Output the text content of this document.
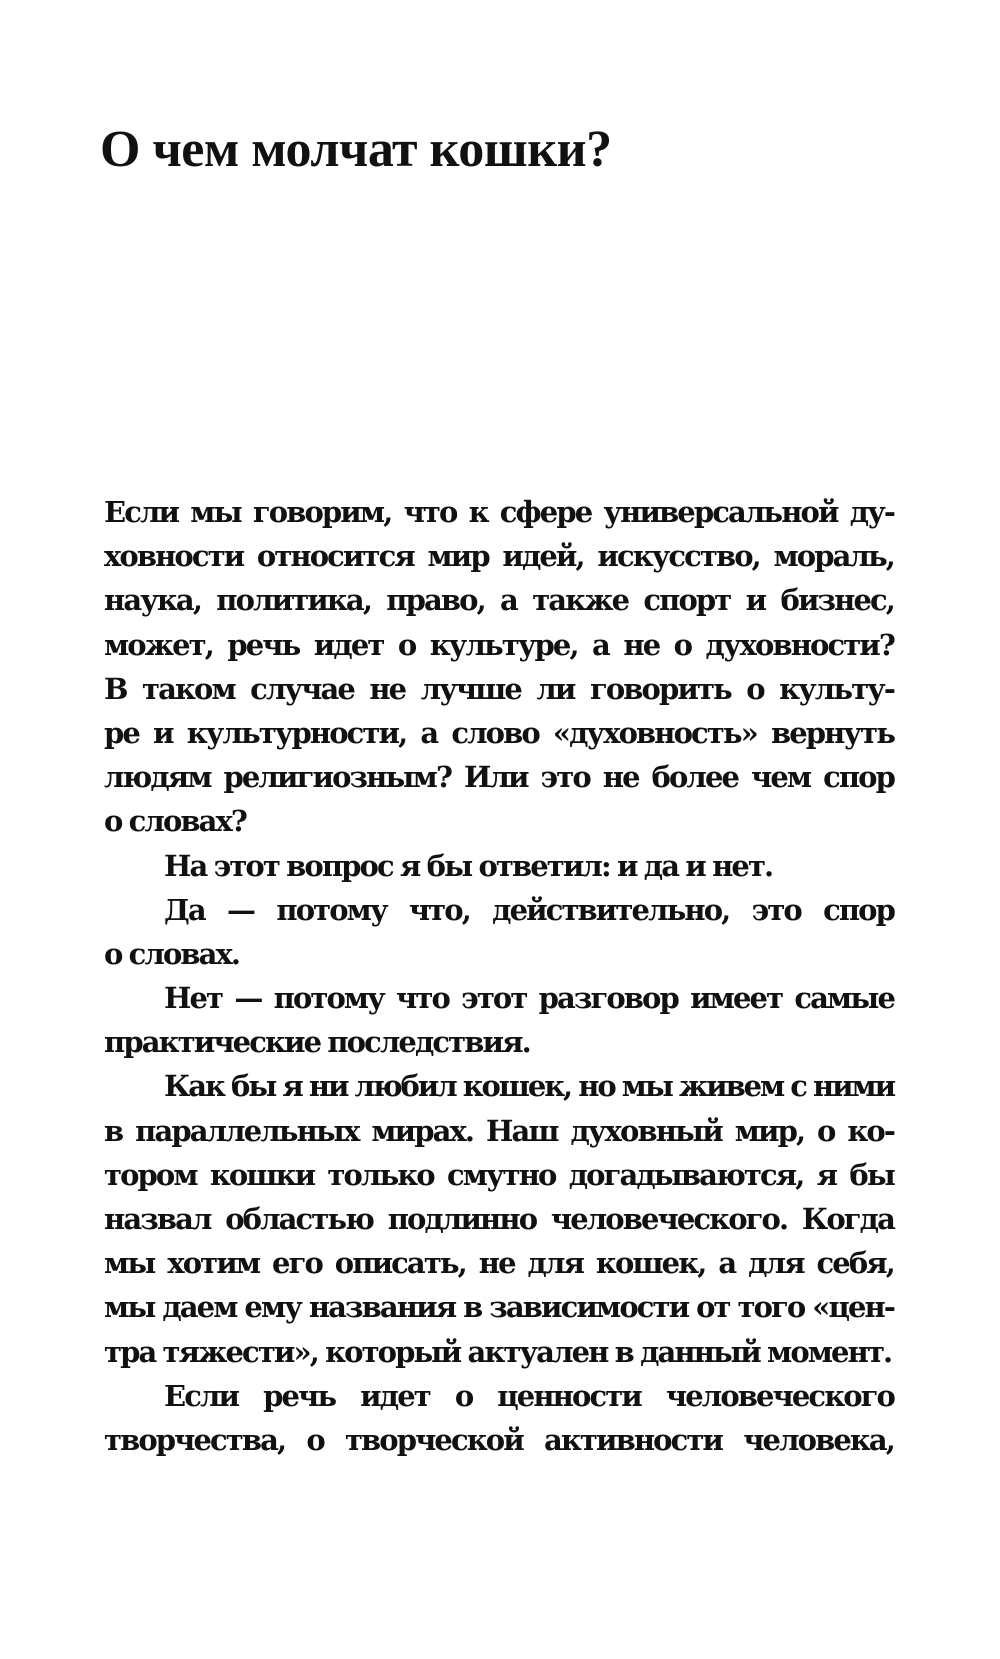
О чем молчат кошки?
Если мы говорим, что к сфере универсальной ду-
ховности относится мир идей, искусство, мораль,
наука, политика, право, а также спорт и бизнес,
может, речь идет о культуре, а не о духовности?
В таком случае не лучше ли говорить о культу-
ре и культурности, а слово «духовность» вернуть
людям религиозным? Или это не более чем спор
о словах?
На этот вопрос я бы ответил: и да и нет.
Да — потому что, действительно, это спор
о словах.
Нет — потому что этот разговор имеет самые
практические последствия.
Как бы я ни любил кошек, но мы живем с ними
в параллельных мирах. Наш духовный мир, о ко-
тором кошки только смутно догадываются, я бы
назвал областью подлинно человеческого. Когда
мы хотим его описать, не для кошек, а для себя,
мы даем ему названия в зависимости от того «цен-
тра тяжести», который актуален в данный момент.
Если речь идет о ценности человеческого
творчества, о творческой активности человека,
